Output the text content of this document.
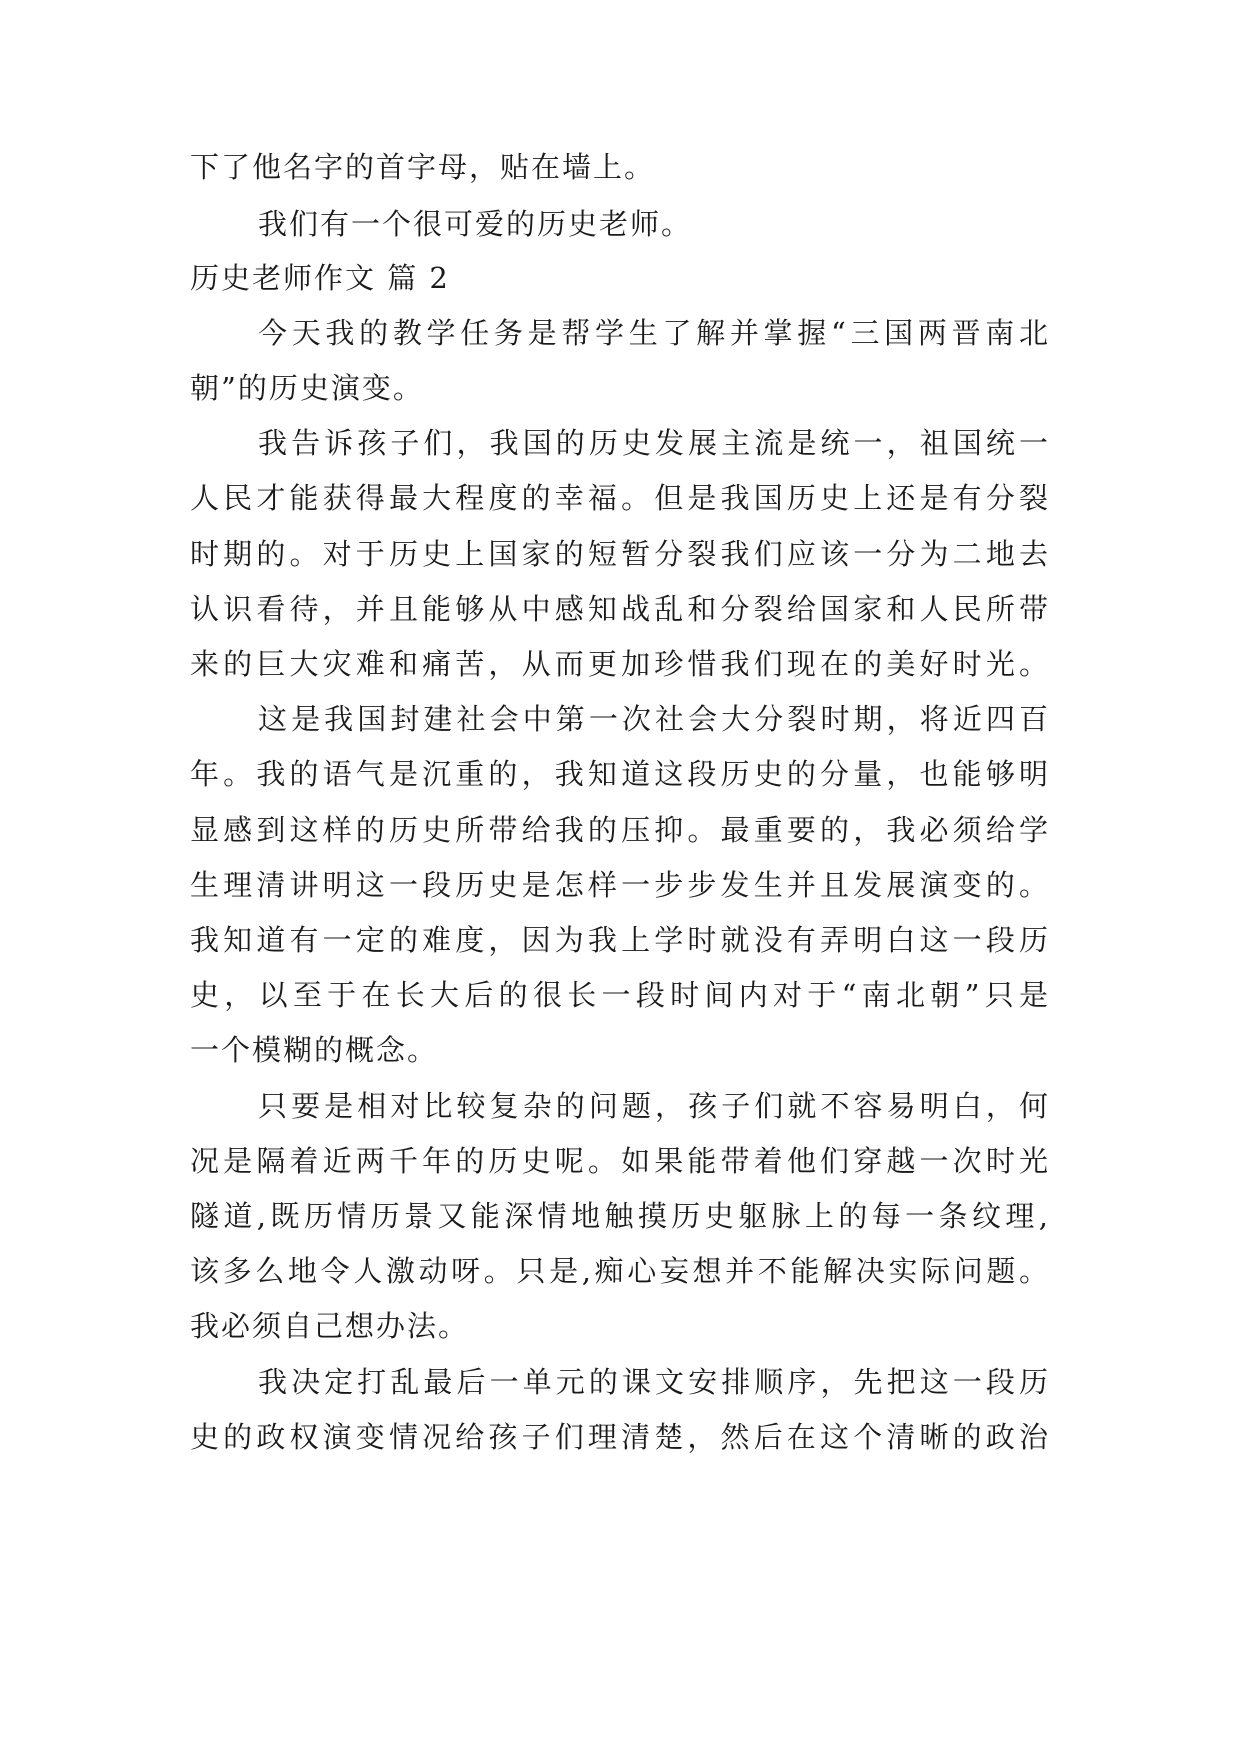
下了他名字的首字母，贴在墙上。
我们有一个很可爱的历史老师。
历史老师作文 篇 2
今天我的教学任务是帮学生了解并掌握“三国两晋南北
朝”的历史演变。
我告诉孩子们，我国的历史发展主流是统一，祖国统一
人民才能获得最大程度的幸福。但是我国历史上还是有分裂
时期的。对于历史上国家的短暂分裂我们应该一分为二地去
认识看待，并且能够从中感知战乱和分裂给国家和人民所带
来的巨大灾难和痛苦，从而更加珍惜我们现在的美好时光。
这是我国封建社会中第一次社会大分裂时期，将近四百
年。我的语气是沉重的，我知道这段历史的分量，也能够明
显感到这样的历史所带给我的压抑。最重要的，我必须给学
生理清讲明这一段历史是怎样一步步发生并且发展演变的。
我知道有一定的难度，因为我上学时就没有弄明白这一段历
史，以至于在长大后的很长一段时间内对于“南北朝”只是
一个模糊的概念。
只要是相对比较复杂的问题，孩子们就不容易明白，何
况是隔着近两千年的历史呢。如果能带着他们穿越一次时光
隧道,既历情历景又能深情地触摸历史躯脉上的每一条纹理,
该多么地令人激动呀。只是,痴心妄想并不能解决实际问题。
我必须自己想办法。
我决定打乱最后一单元的课文安排顺序，先把这一段历
史的政权演变情况给孩子们理清楚，然后在这个清晰的政治
